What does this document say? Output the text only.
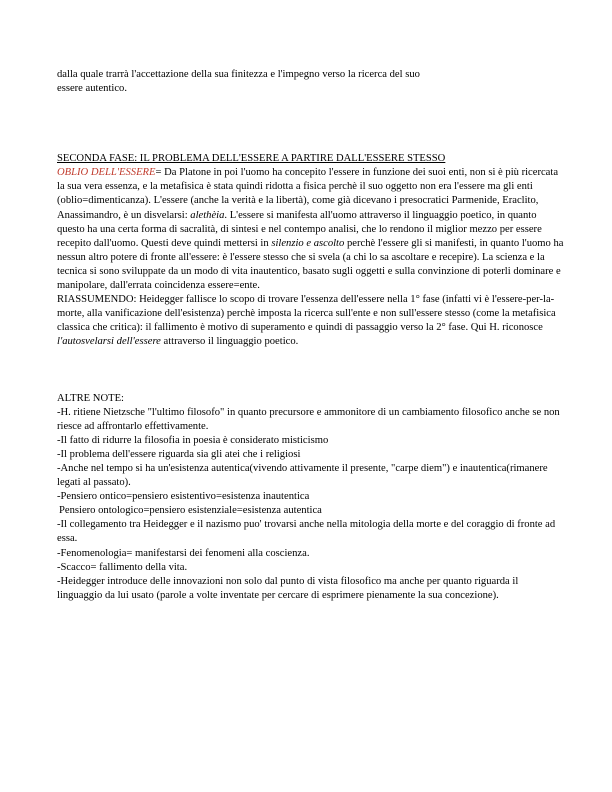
dalla quale trarrà l'accettazione della sua finitezza e l'impegno verso la ricerca del suo

essere autentico.

SECONDA FASE: IL PROBLEMA DELL'ESSERE A PARTIRE DALL'ESSERE STESSO

OBLIO DELL'ESSERE= Da Platone in poi l'uomo ha concepito l'essere in funzione dei suoi enti, non si è più ricercata la sua vera essenza, e la metafisica è stata quindi ridotta a fisica perchè il suo oggetto non era l'essere ma gli enti (oblio=dimenticanza). L'essere (anche la verità e la libertà), come già dicevano i presocratici Parmenide, Eraclito, Anassimandro, è un disvelarsi: alethèia. L'essere si manifesta all'uomo attraverso il linguaggio poetico, in quanto questo ha una certa forma di sacralità, di sintesi e nel contempo analisi, che lo rendono il miglior mezzo per essere recepito dall'uomo. Questi deve quindi mettersi in silenzio e ascolto perchè l'essere gli si manifesti, in quanto l'uomo ha nessun altro potere di fronte all'essere: è l'essere stesso che si svela (a chi lo sa ascoltare e recepire). La scienza e la tecnica si sono sviluppate da un modo di vita inautentico, basato sugli oggetti e sulla convinzione di poterli dominare e manipolare, dall'errata coincidenza essere=ente.

RIASSUMENDO: Heidegger fallisce lo scopo di trovare l'essenza dell'essere nella 1° fase (infatti vi è l'essere-per-la-morte, alla vanificazione dell'esistenza) perchè imposta la ricerca sull'ente e non sull'essere stesso (come la metafisica classica che critica): il fallimento è motivo di superamento e quindi di passaggio verso la 2° fase. Qui H. riconosce l'autosvelarsi dell'essere attraverso il linguaggio poetico.

ALTRE NOTE:

-H. ritiene Nietzsche "l'ultimo filosofo" in quanto precursore e ammonitore di un cambiamento filosofico anche se non riesce ad affrontarlo effettivamente.

-Il fatto di ridurre la filosofia in poesia è considerato misticismo

-Il problema dell'essere riguarda sia gli atei che i religiosi

-Anche nel tempo si ha un'esistenza autentica(vivendo attivamente il presente, "carpe diem") e inautentica(rimanere legati al passato).

-Pensiero ontico=pensiero esistentivo=esistenza inautentica

Pensiero ontologico=pensiero esistenziale=esistenza autentica

-Il collegamento tra Heidegger e il nazismo puo' trovarsi anche nella mitologia della morte e del coraggio di fronte ad essa.

-Fenomenologia= manifestarsi dei fenomeni alla coscienza.

-Scacco= fallimento della vita.

-Heidegger introduce delle innovazioni non solo dal punto di vista filosofico ma anche per quanto riguarda il linguaggio da lui usato (parole a volte inventate per cercare di esprimere pienamente la sua concezione).
